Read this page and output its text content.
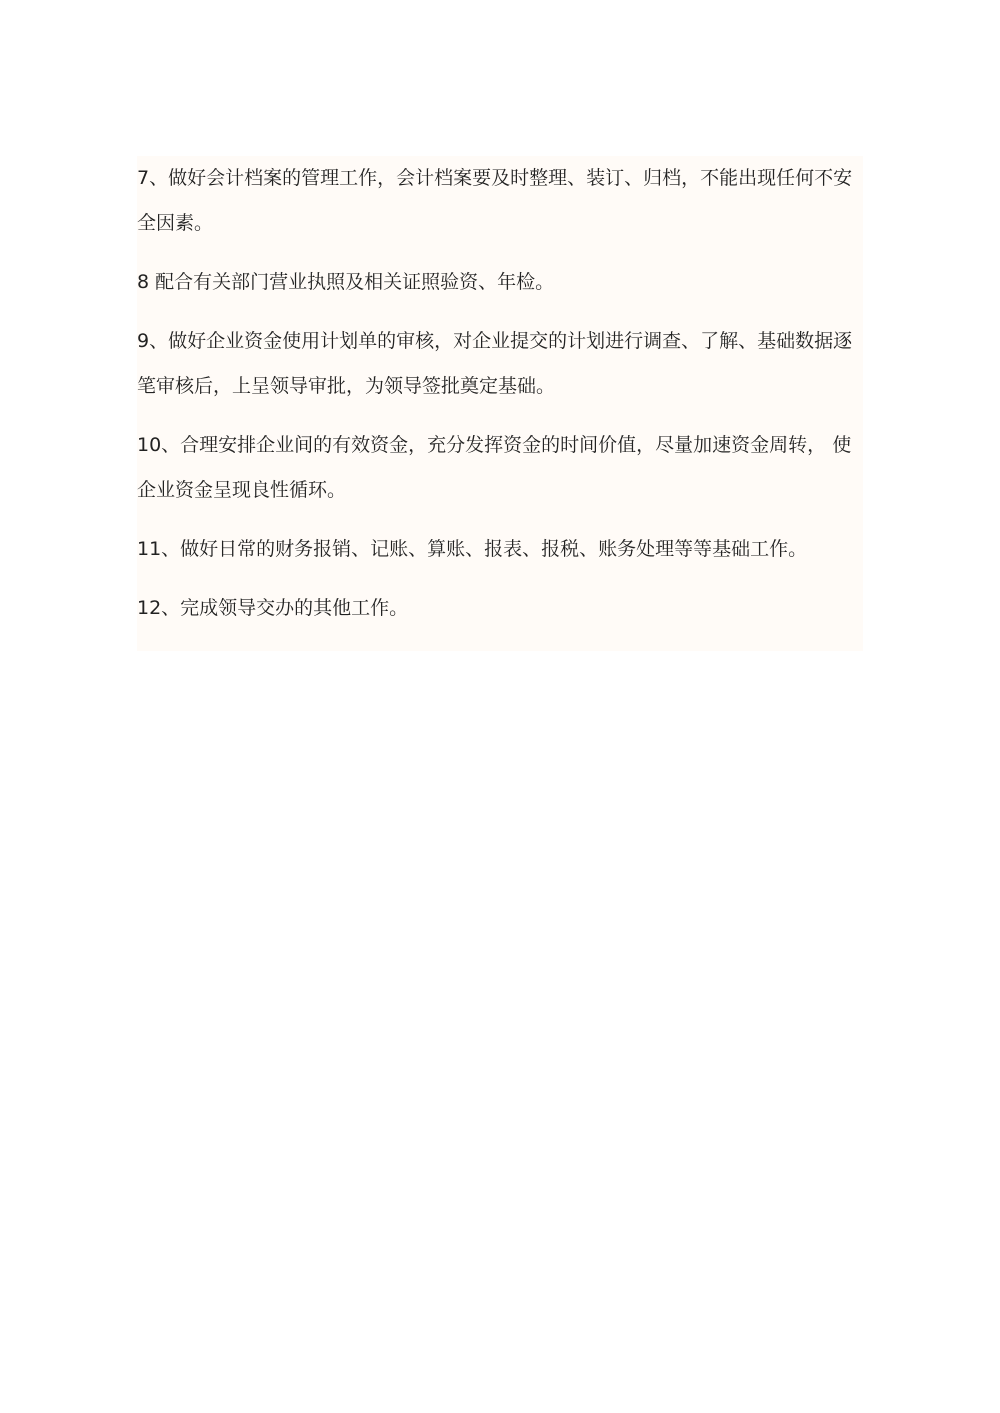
7、做好会计档案的管理工作，会计档案要及时整理、装订、归档，不能出现任何不安全因素。

8 配合有关部门营业执照及相关证照验资、年检。

9、做好企业资金使用计划单的审核，对企业提交的计划进行调查、了解、基础数据逐笔审核后，上呈领导审批，为领导签批奠定基础。

10、合理安排企业间的有效资金，充分发挥资金的时间价值，尽量加速资金周转， 使企业资金呈现良性循环。

11、做好日常的财务报销、记账、算账、报表、报税、账务处理等等基础工作。

12、完成领导交办的其他工作。
